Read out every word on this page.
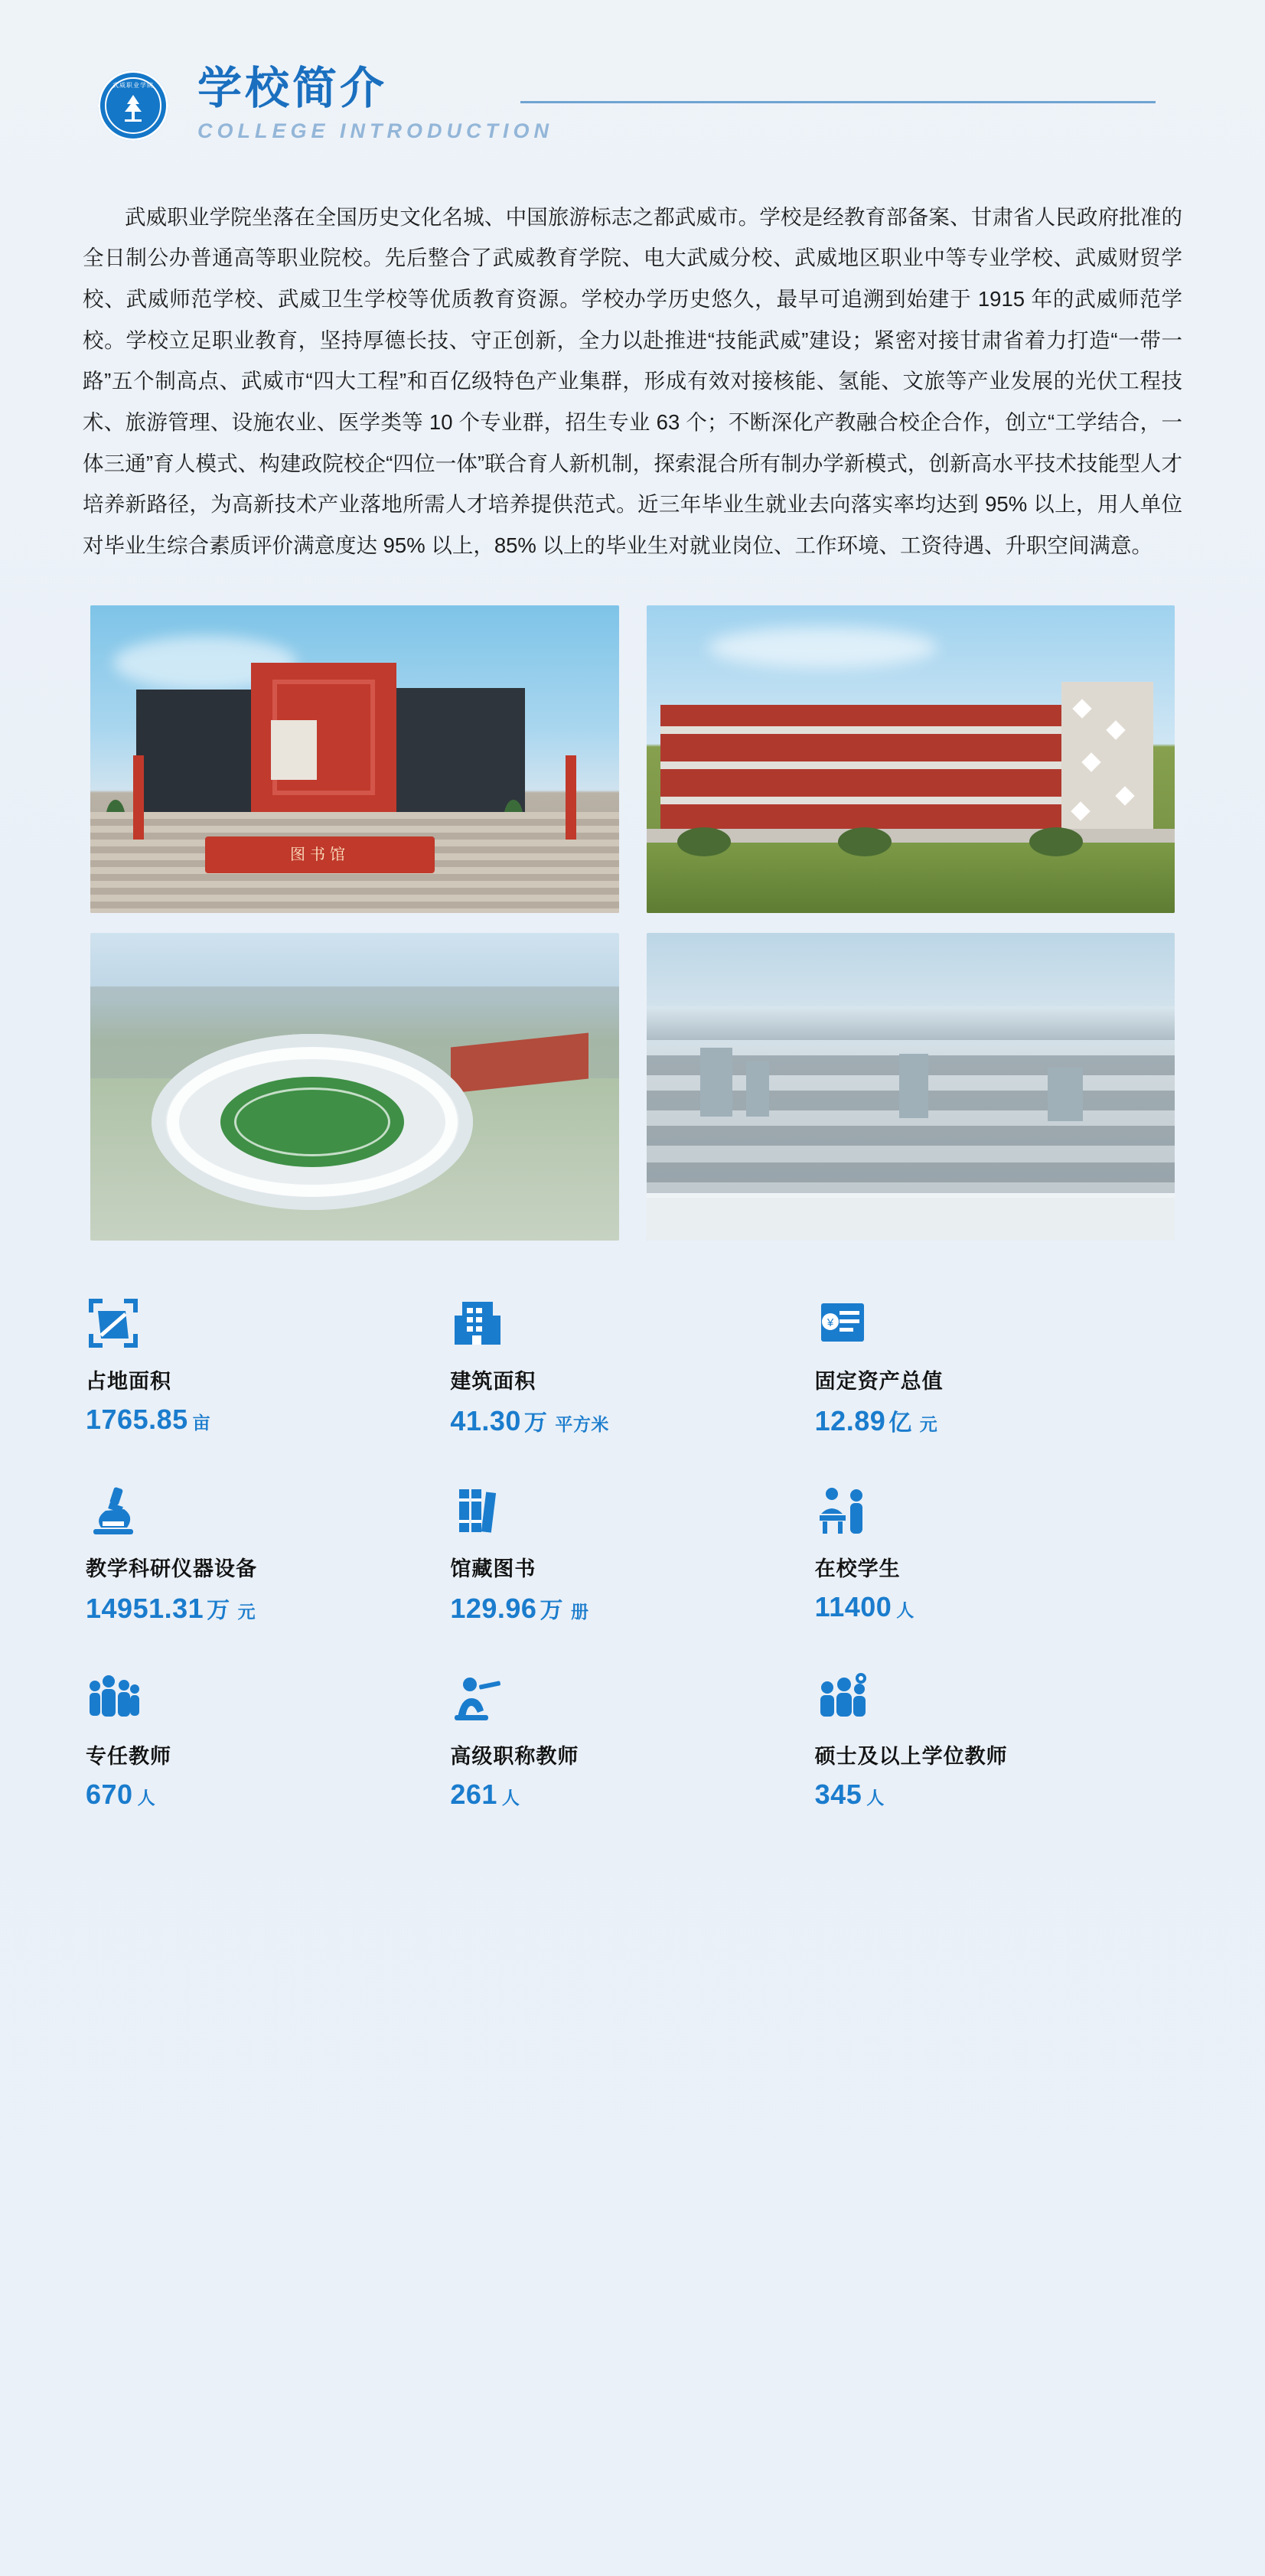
武威职业学院 学校简介
COLLEGE INTRODUCTION
武威职业学院坐落在全国历史文化名城、中国旅游标志之都武威市。学校是经教育部备案、甘肃省人民政府批准的全日制公办普通高等职业院校。先后整合了武威教育学院、电大武威分校、武威地区职业中等专业学校、武威财贸学校、武威师范学校、武威卫生学校等优质教育资源。学校办学历史悠久，最早可追溯到始建于 1915 年的武威师范学校。学校立足职业教育，坚持厚德长技、守正创新，全力以赴推进“技能武威”建设；紧密对接甘肃省着力打造“一带一路”五个制高点、武威市“四大工程”和百亿级特色产业集群，形成有效对接核能、氢能、文旅等产业发展的光伏工程技术、旅游管理、设施农业、医学类等 10 个专业群，招生专业 63 个；不断深化产教融合校企合作，创立“工学结合，一体三通”育人模式、构建政院校企“四位一体”联合育人新机制，探索混合所有制办学新模式，创新高水平技术技能型人才培养新路径，为高新技术产业落地所需人才培养提供范式。近三年毕业生就业去向落实率均达到 95% 以上，用人单位对毕业生综合素质评价满意度达 95% 以上，85% 以上的毕业生对就业岗位、工作环境、工资待遇、升职空间满意。
图书馆
占地面积
1765.85 亩
建筑面积
41.30 万 平方米
¥
固定资产总值
12.89 亿 元
教学科研仪器设备
14951.31 万 元
馆藏图书
129.96 万 册
在校学生
11400 人
专任教师
670 人
高级职称教师
261 人
硕士及以上学位教师
345 人
